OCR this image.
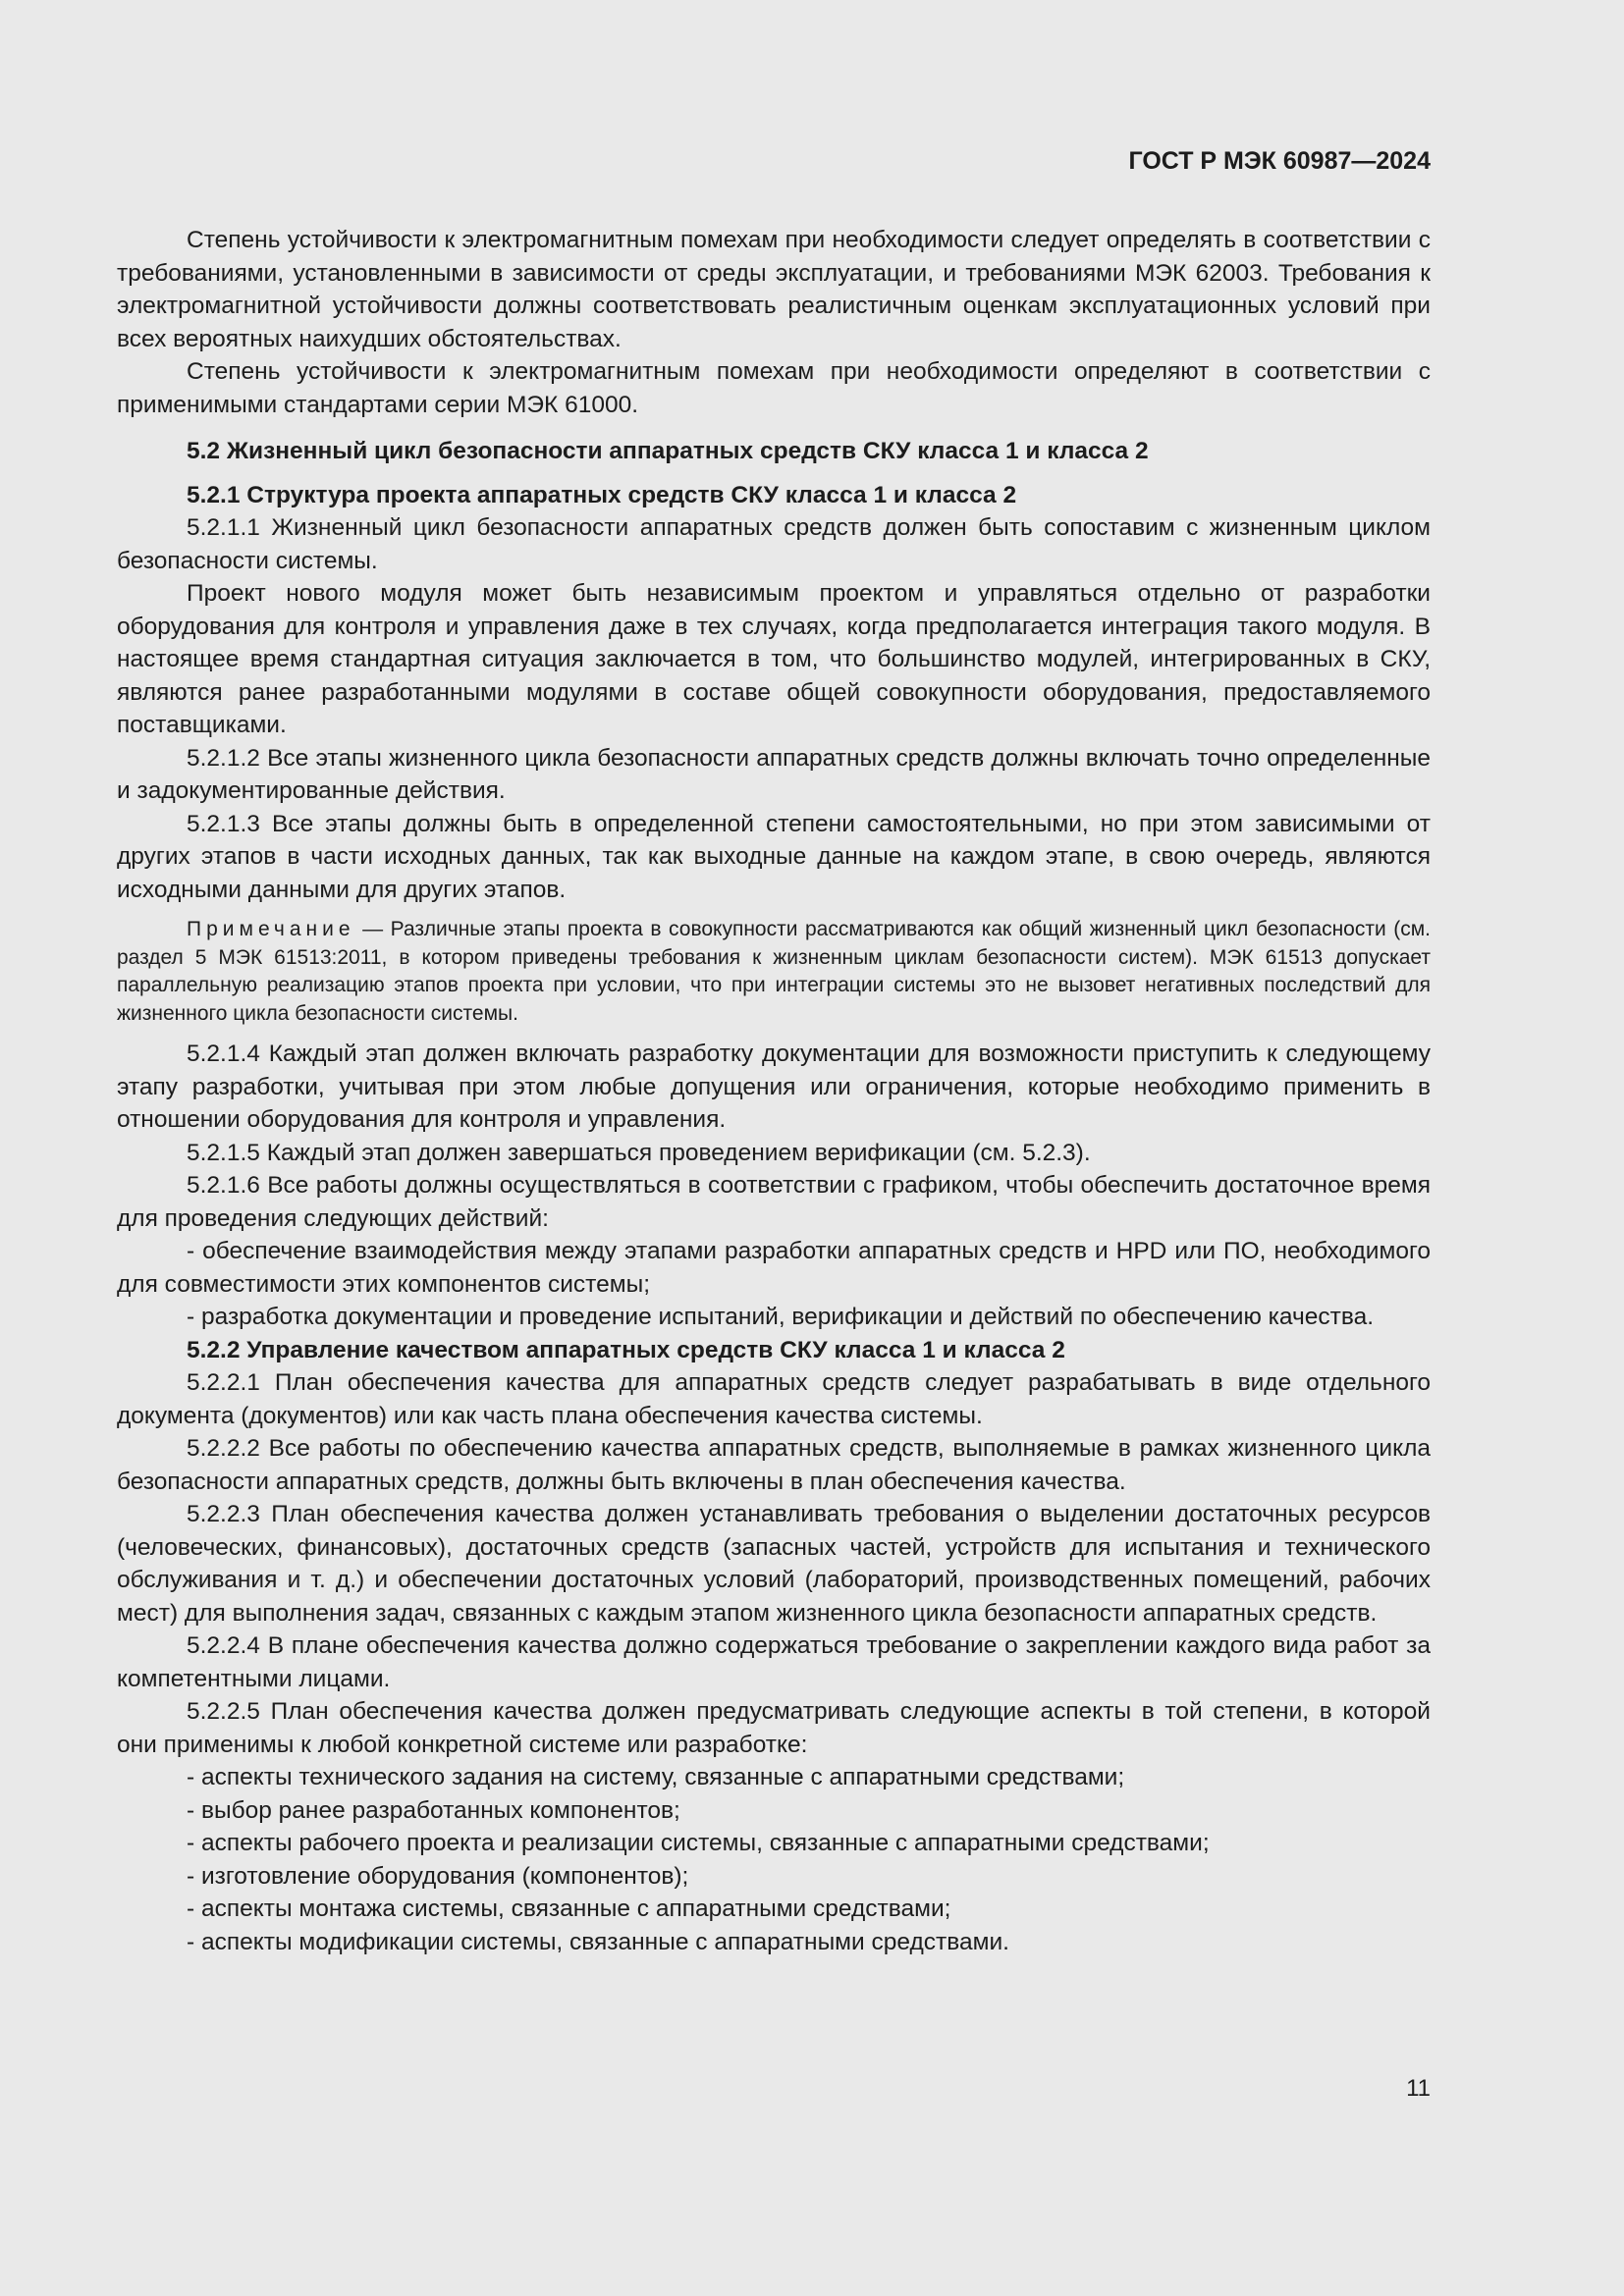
ГОСТ Р МЭК 60987—2024

Степень устойчивости к электромагнитным помехам при необходимости следует определять в соответствии с требованиями, установленными в зависимости от среды эксплуатации, и требованиями МЭК 62003. Требования к электромагнитной устойчивости должны соответствовать реалистичным оценкам эксплуатационных условий при всех вероятных наихудших обстоятельствах.

Степень устойчивости к электромагнитным помехам при необходимости определяют в соответствии с применимыми стандартами серии МЭК 61000.

5.2 Жизненный цикл безопасности аппаратных средств СКУ класса 1 и класса 2

5.2.1 Структура проекта аппаратных средств СКУ класса 1 и класса 2

5.2.1.1 Жизненный цикл безопасности аппаратных средств должен быть сопоставим с жизненным циклом безопасности системы.

Проект нового модуля может быть независимым проектом и управляться отдельно от разработки оборудования для контроля и управления даже в тех случаях, когда предполагается интеграция такого модуля. В настоящее время стандартная ситуация заключается в том, что большинство модулей, интегрированных в СКУ, являются ранее разработанными модулями в составе общей совокупности оборудования, предоставляемого поставщиками.

5.2.1.2 Все этапы жизненного цикла безопасности аппаратных средств должны включать точно определенные и задокументированные действия.

5.2.1.3 Все этапы должны быть в определенной степени самостоятельными, но при этом зависимыми от других этапов в части исходных данных, так как выходные данные на каждом этапе, в свою очередь, являются исходными данными для других этапов.

Примечание — Различные этапы проекта в совокупности рассматриваются как общий жизненный цикл безопасности (см. раздел 5 МЭК 61513:2011, в котором приведены требования к жизненным циклам безопасности систем). МЭК 61513 допускает параллельную реализацию этапов проекта при условии, что при интеграции системы это не вызовет негативных последствий для жизненного цикла безопасности системы.

5.2.1.4 Каждый этап должен включать разработку документации для возможности приступить к следующему этапу разработки, учитывая при этом любые допущения или ограничения, которые необходимо применить в отношении оборудования для контроля и управления.

5.2.1.5 Каждый этап должен завершаться проведением верификации (см. 5.2.3).

5.2.1.6 Все работы должны осуществляться в соответствии с графиком, чтобы обеспечить достаточное время для проведения следующих действий:

- обеспечение взаимодействия между этапами разработки аппаратных средств и HPD или ПО, необходимого для совместимости этих компонентов системы;

- разработка документации и проведение испытаний, верификации и действий по обеспечению качества.

5.2.2 Управление качеством аппаратных средств СКУ класса 1 и класса 2

5.2.2.1 План обеспечения качества для аппаратных средств следует разрабатывать в виде отдельного документа (документов) или как часть плана обеспечения качества системы.

5.2.2.2 Все работы по обеспечению качества аппаратных средств, выполняемые в рамках жизненного цикла безопасности аппаратных средств, должны быть включены в план обеспечения качества.

5.2.2.3 План обеспечения качества должен устанавливать требования о выделении достаточных ресурсов (человеческих, финансовых), достаточных средств (запасных частей, устройств для испытания и технического обслуживания и т. д.) и обеспечении достаточных условий (лабораторий, производственных помещений, рабочих мест) для выполнения задач, связанных с каждым этапом жизненного цикла безопасности аппаратных средств.

5.2.2.4 В плане обеспечения качества должно содержаться требование о закреплении каждого вида работ за компетентными лицами.

5.2.2.5 План обеспечения качества должен предусматривать следующие аспекты в той степени, в которой они применимы к любой конкретной системе или разработке:

- аспекты технического задания на систему, связанные с аппаратными средствами;

- выбор ранее разработанных компонентов;

- аспекты рабочего проекта и реализации системы, связанные с аппаратными средствами;

- изготовление оборудования (компонентов);

- аспекты монтажа системы, связанные с аппаратными средствами;

- аспекты модификации системы, связанные с аппаратными средствами.

11
